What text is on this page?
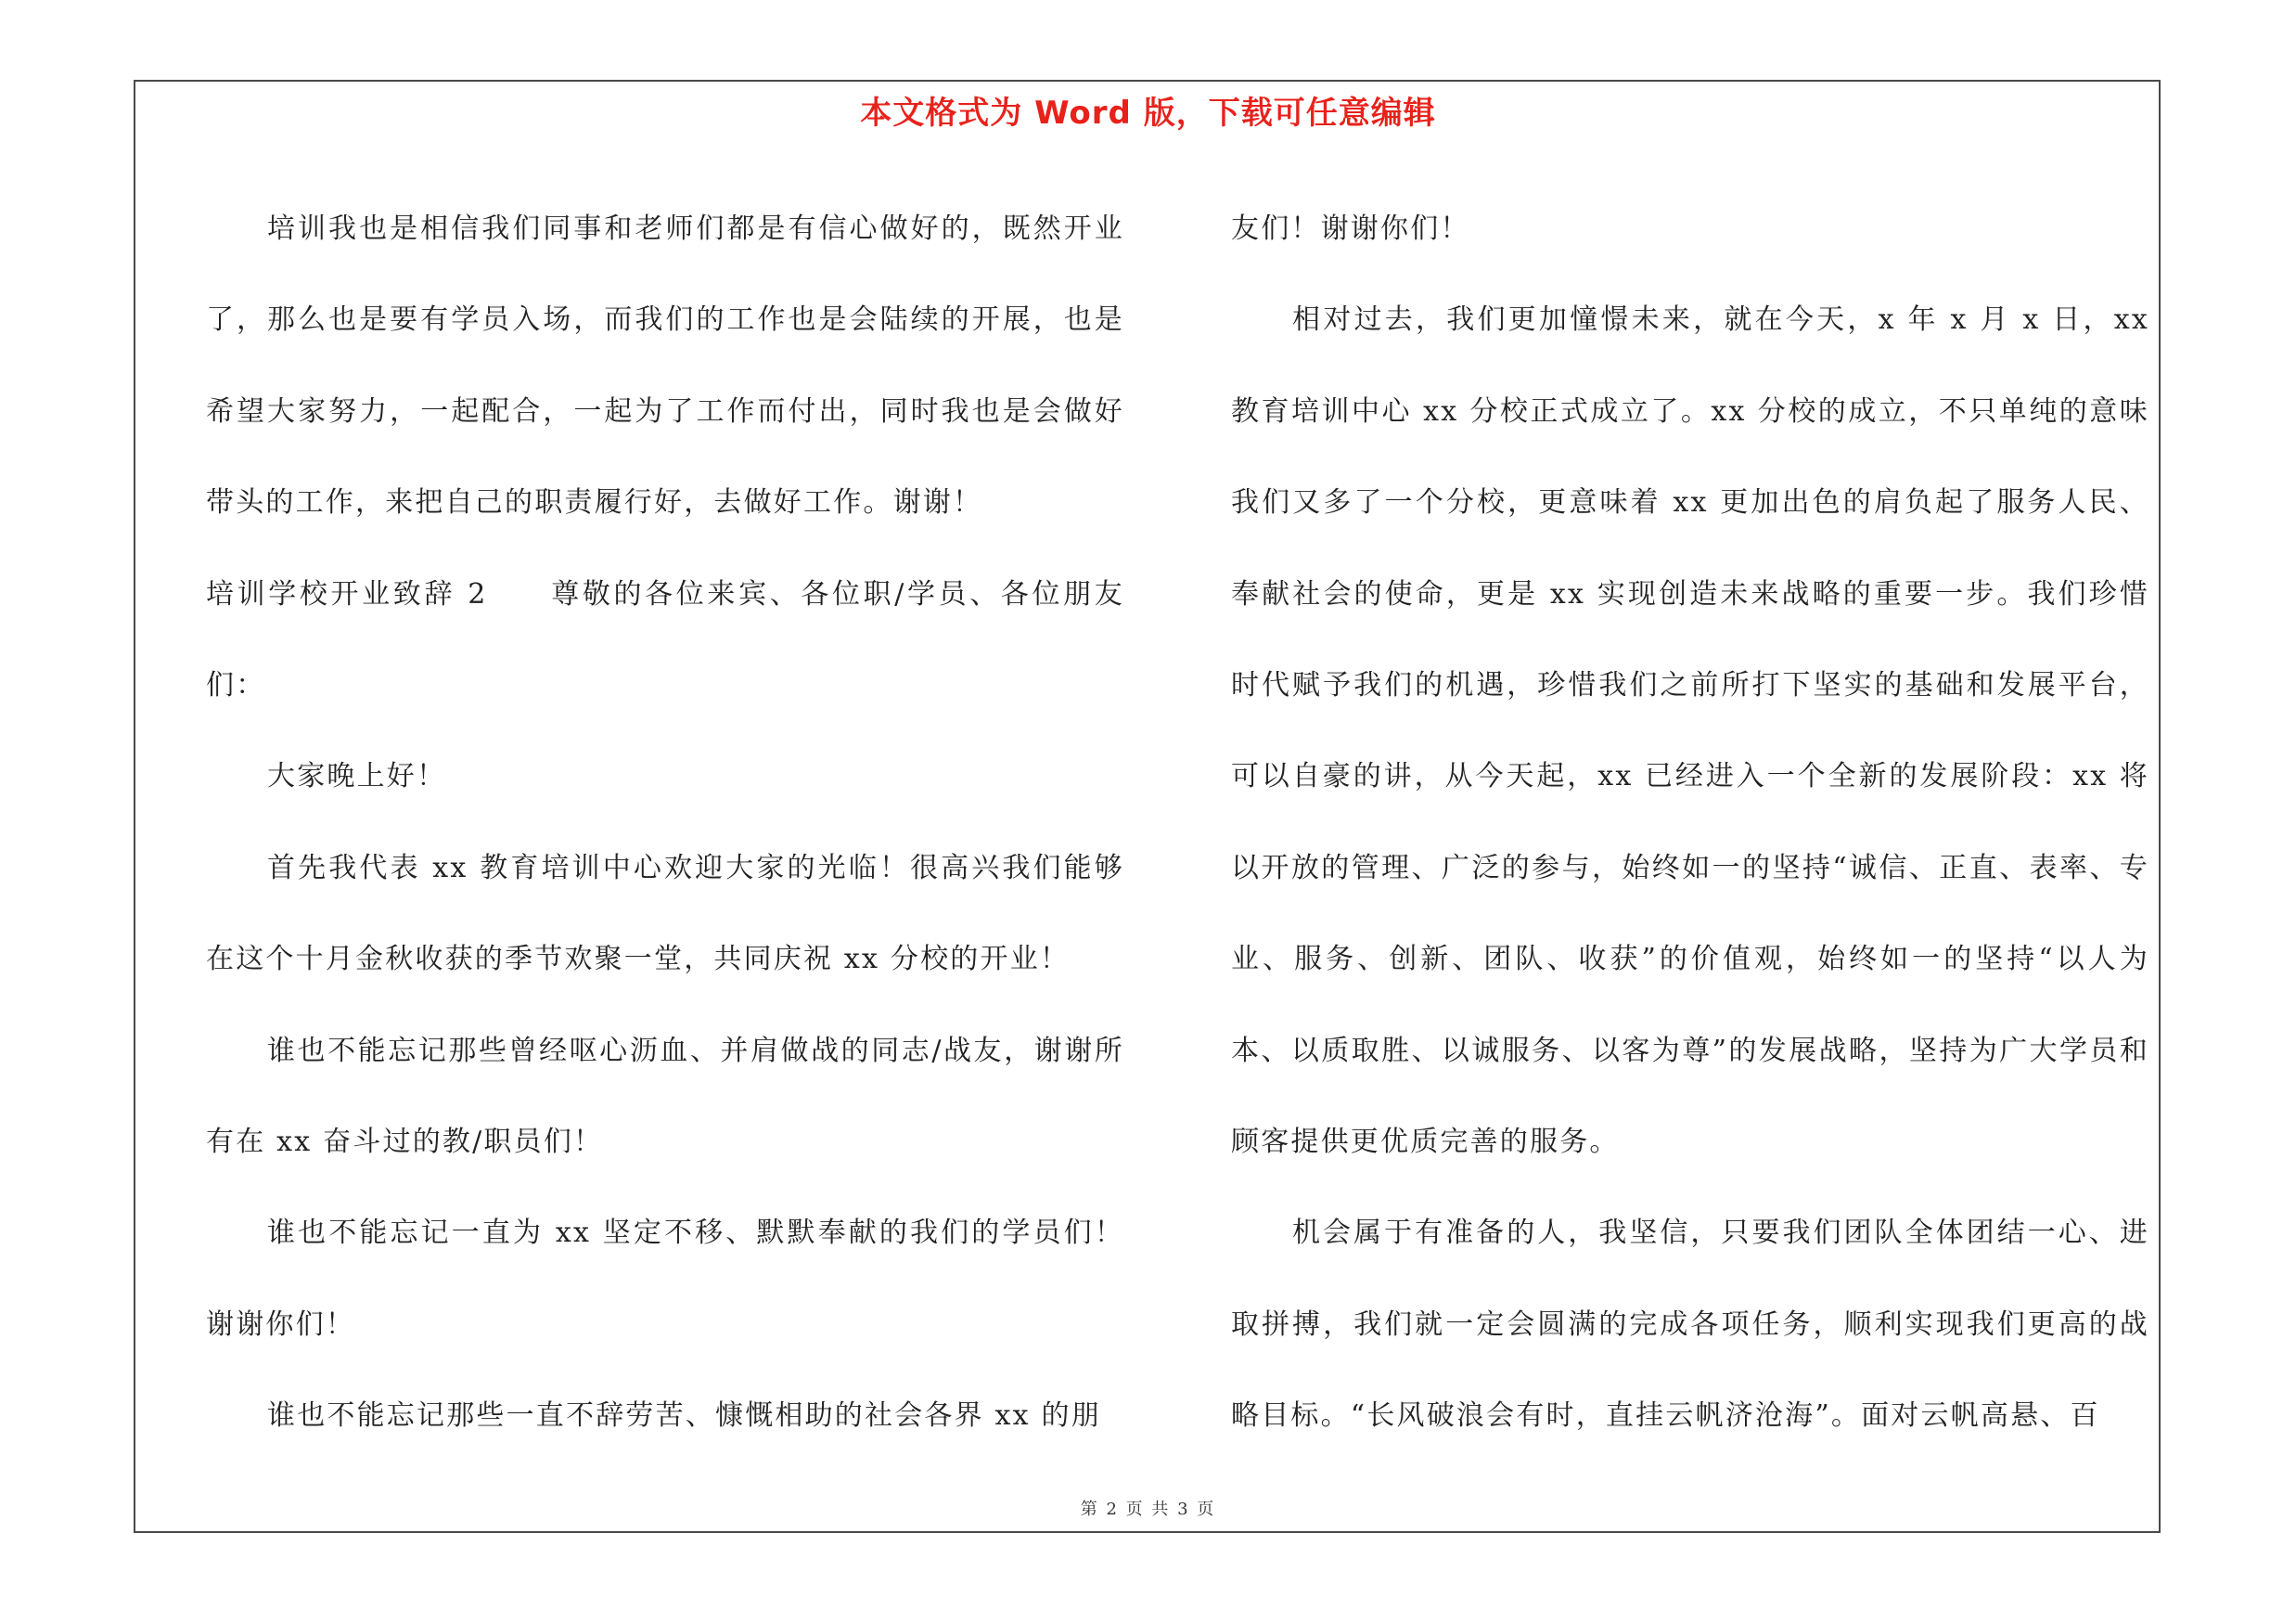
本文格式为 Word 版，下载可任意编辑

培训我也是相信我们同事和老师们都是有信心做好的，既然开业了，那么也是要有学员入场，而我们的工作也是会陆续的开展，也是希望大家努力，一起配合，一起为了工作而付出，同时我也是会做好带头的工作，来把自己的职责履行好，去做好工作。谢谢！

培训学校开业致辞 2　　尊敬的各位来宾、各位职/学员、各位朋友们：

大家晚上好！

首先我代表 xx 教育培训中心欢迎大家的光临！很高兴我们能够在这个十月金秋收获的季节欢聚一堂，共同庆祝 xx 分校的开业！

谁也不能忘记那些曾经呕心沥血、并肩做战的同志/战友，谢谢所有在 xx 奋斗过的教/职员们！

谁也不能忘记一直为 xx 坚定不移、默默奉献的我们的学员们！谢谢你们！

谁也不能忘记那些一直不辞劳苦、慷慨相助的社会各界 xx 的朋

友们！谢谢你们！

相对过去，我们更加憧憬未来，就在今天，x 年 x 月 x 日，xx 教育培训中心 xx 分校正式成立了。xx 分校的成立，不只单纯的意味我们又多了一个分校，更意味着 xx 更加出色的肩负起了服务人民、奉献社会的使命，更是 xx 实现创造未来战略的重要一步。我们珍惜时代赋予我们的机遇，珍惜我们之前所打下坚实的基础和发展平台，可以自豪的讲，从今天起，xx 已经进入一个全新的发展阶段：xx 将以开放的管理、广泛的参与，始终如一的坚持“诚信、正直、表率、专业、服务、创新、团队、收获”的价值观，始终如一的坚持“以人为本、以质取胜、以诚服务、以客为尊”的发展战略，坚持为广大学员和顾客提供更优质完善的服务。

机会属于有准备的人，我坚信，只要我们团队全体团结一心、进取拼搏，我们就一定会圆满的完成各项任务，顺利实现我们更高的战略目标。“长风破浪会有时，直挂云帆济沧海”。面对云帆高悬、百

第 2 页 共 3 页
